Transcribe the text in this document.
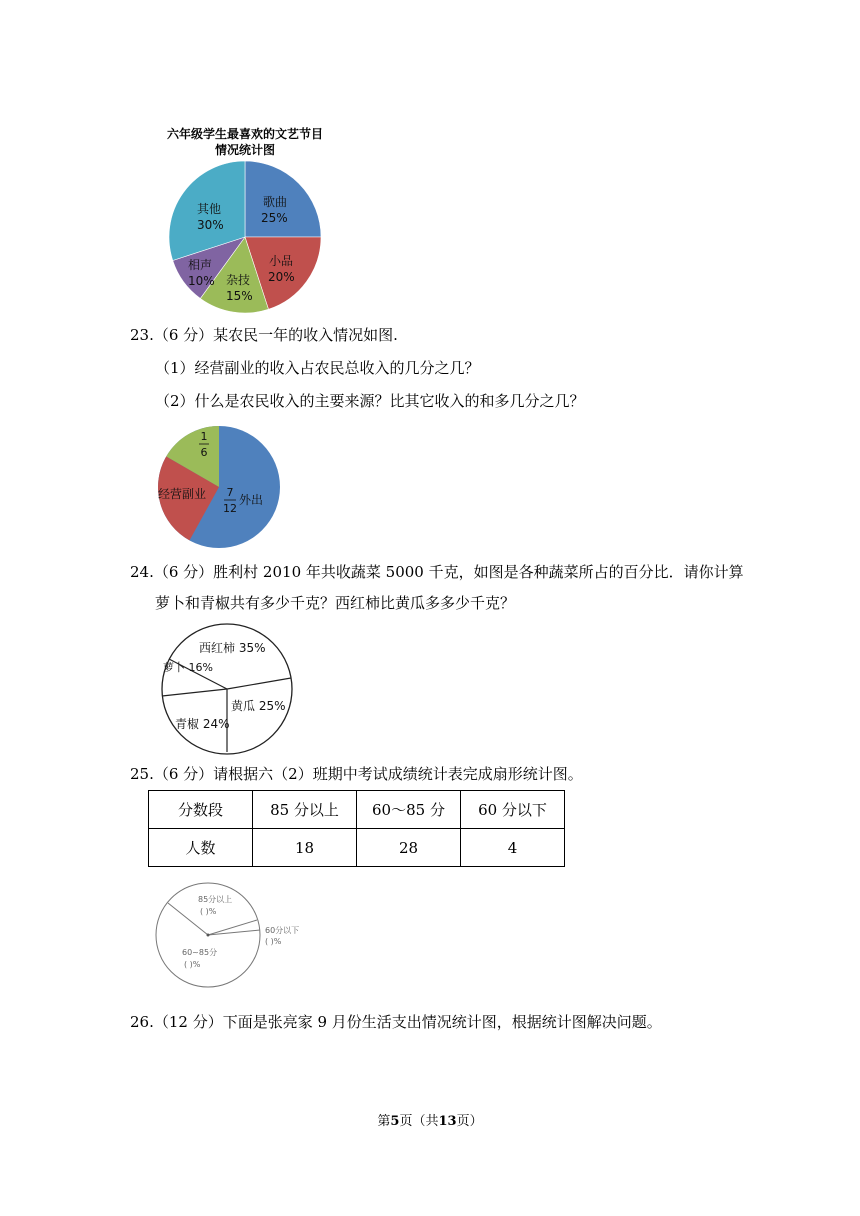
六年级学生最喜欢的文艺节目
情况统计图
歌曲
25%
小品
20%
杂技
15%
相声
10%
其他
30%
23.（6 分）某农民一年的收入情况如图.
（1）经营副业的收入占农民总收入的几分之几？
（2）什么是农民收入的主要来源？比其它收入的和多几分之几？
1
6
7
12
经营副业	外出
24.（6 分）胜利村 2010 年共收蔬菜 5000 千克，如图是各种蔬菜所占的百分比．请你计算
萝卜和青椒共有多少千克？西红柿比黄瓜多多少千克？
西红柿 35%
萝卜 16%
青椒 24%
黄瓜 25%
25.（6 分）请根据六（2）班期中考试成绩统计表完成扇形统计图。
分数段	85 分以上	60～85 分	60 分以下
人数	18	28	4
85分以上
( )%
60分以下
( )%
60~85分
( )%
26.（12 分）下面是张亮家 9 月份生活支出情况统计图，根据统计图解决问题。
第5页（共13页）
